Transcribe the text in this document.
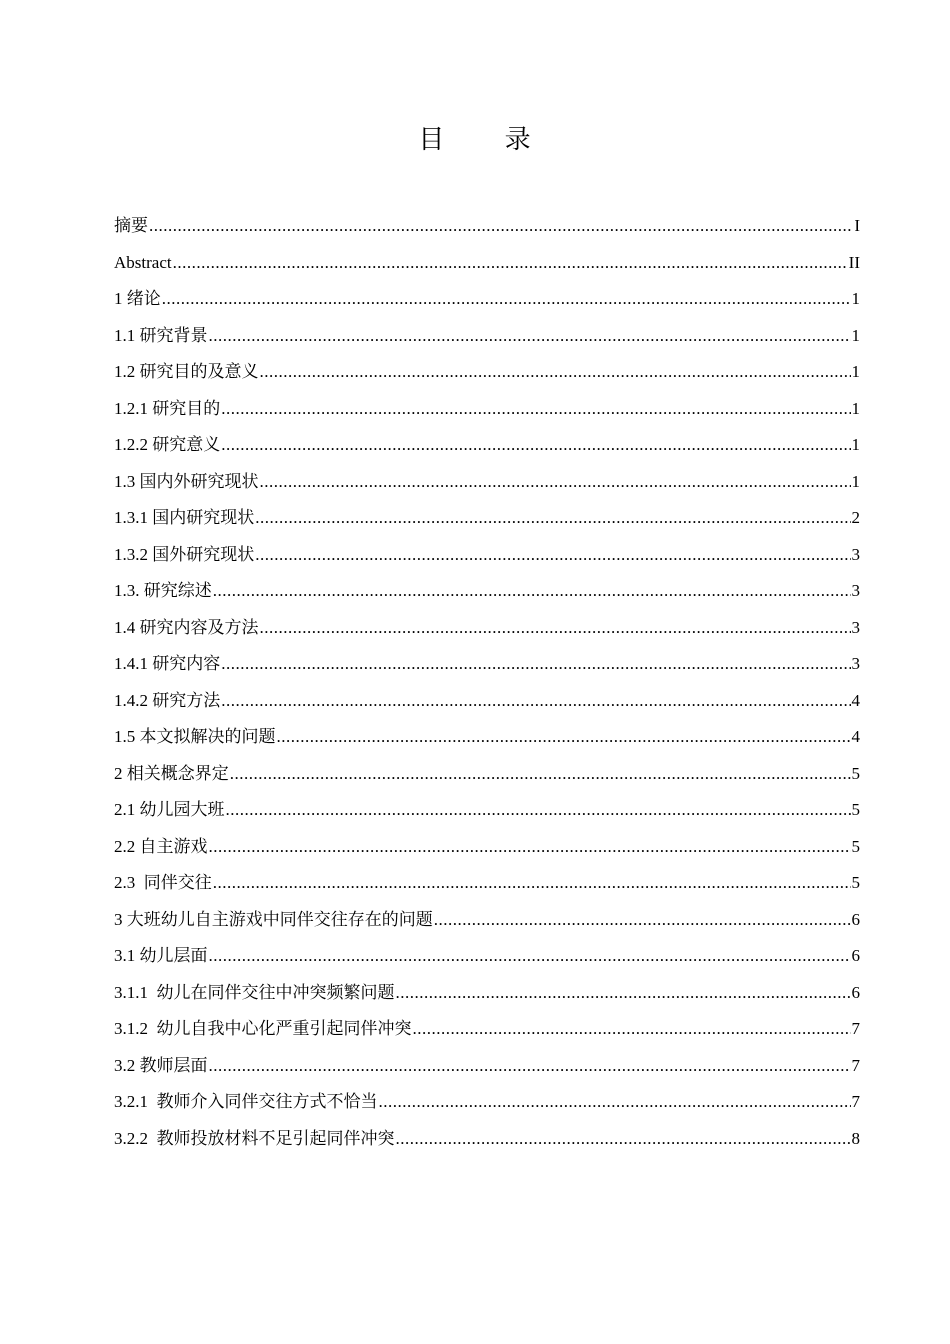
目 录
摘要 .....	I
Abstract .....	II
1 绪论 .....	1
1.1 研究背景 .....	1
1.2 研究目的及意义 .....	1
1.2.1 研究目的 .....	1
1.2.2 研究意义 .....	1
1.3 国内外研究现状 .....	1
1.3.1 国内研究现状 .....	2
1.3.2 国外研究现状 .....	3
1.3. 研究综述 .....	3
1.4 研究内容及方法 .....	3
1.4.1 研究内容 .....	3
1.4.2 研究方法 .....	4
1.5 本文拟解决的问题 .....	4
2 相关概念界定 .....	5
2.1 幼儿园大班 .....	5
2.2 自主游戏 .....	5
2.3  同伴交往 .....	5
3 大班幼儿自主游戏中同伴交往存在的问题 .....	6
3.1 幼儿层面 .....	6
3.1.1  幼儿在同伴交往中冲突频繁问题 .....	6
3.1.2  幼儿自我中心化严重引起同伴冲突 .....	7
3.2 教师层面 .....	7
3.2.1  教师介入同伴交往方式不恰当 .....	7
3.2.2  教师投放材料不足引起同伴冲突 .....	8
